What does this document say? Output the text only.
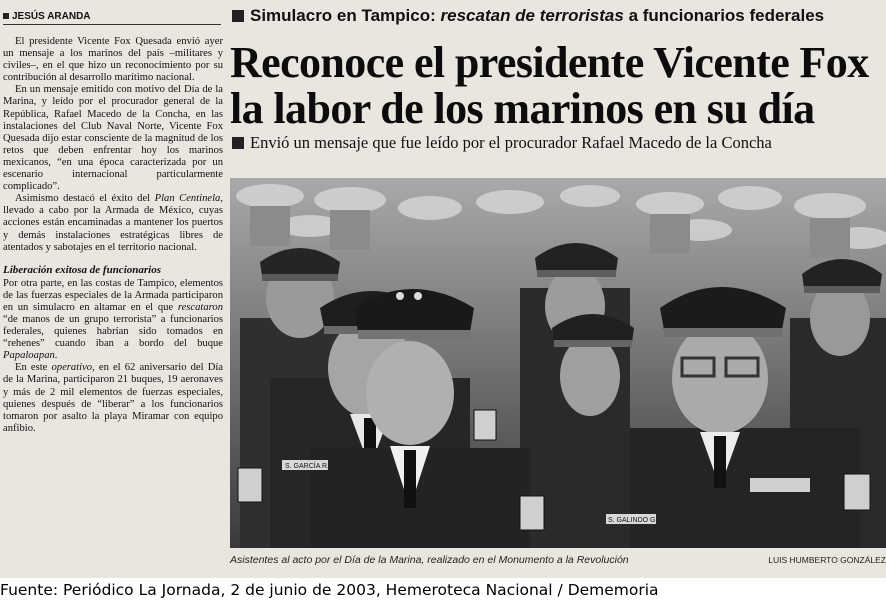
JESÚS ARANDA

El presidente Vicente Fox Quesada envió ayer un mensaje a los marinos del país –militares y civiles–, en el que hizo un reconocimiento por su contribución al desarrollo marítimo nacional.

En un mensaje emitido con motivo del Día de la Marina, y leído por el procurador general de la República, Rafael Macedo de la Concha, en las instalaciones del Club Naval Norte, Vicente Fox Quesada dijo estar consciente de la magnitud de los retos que deben enfrentar hoy los marinos mexicanos, “en una época caracterizada por un escenario internacional particularmente complicado”.

Asimismo destacó el éxito del Plan Centinela, llevado a cabo por la Armada de México, cuyas acciones están encaminadas a mantener los puertos y demás instalaciones estratégicas libres de atentados y sabotajes en el territorio nacional.

Liberación exitosa de funcionarios

Por otra parte, en las costas de Tampico, elementos de las fuerzas especiales de la Armada participaron en un simulacro en altamar en el que rescataron “de manos de un grupo terrorista” a funcionarios federales, quienes habrían sido tomados en “rehenes” cuando iban a bordo del buque Papaloapan.

En este operativo, en el 62 aniversario del Día de la Marina, participaron 21 buques, 19 aeronaves y más de 2 mil elementos de fuerzas especiales, quienes después de “liberar” a los funcionarios tomaron por asalto la playa Miramar con equipo anfibio.

Simulacro en Tampico: rescatan de terroristas a funcionarios federales
Reconoce el presidente Vicente Fox
la labor de los marinos en su día
Envió un mensaje que fue leído por el procurador Rafael Macedo de la Concha
S. GARCÍA R.
S. GALINDO G.
Asistentes al acto por el Día de la Marina, realizado en el Monumento a la Revolución	LUIS HUMBERTO GONZÁLEZ
Fuente: Periódico La Jornada, 2 de junio de 2003, Hemeroteca Nacional / Dememoria
